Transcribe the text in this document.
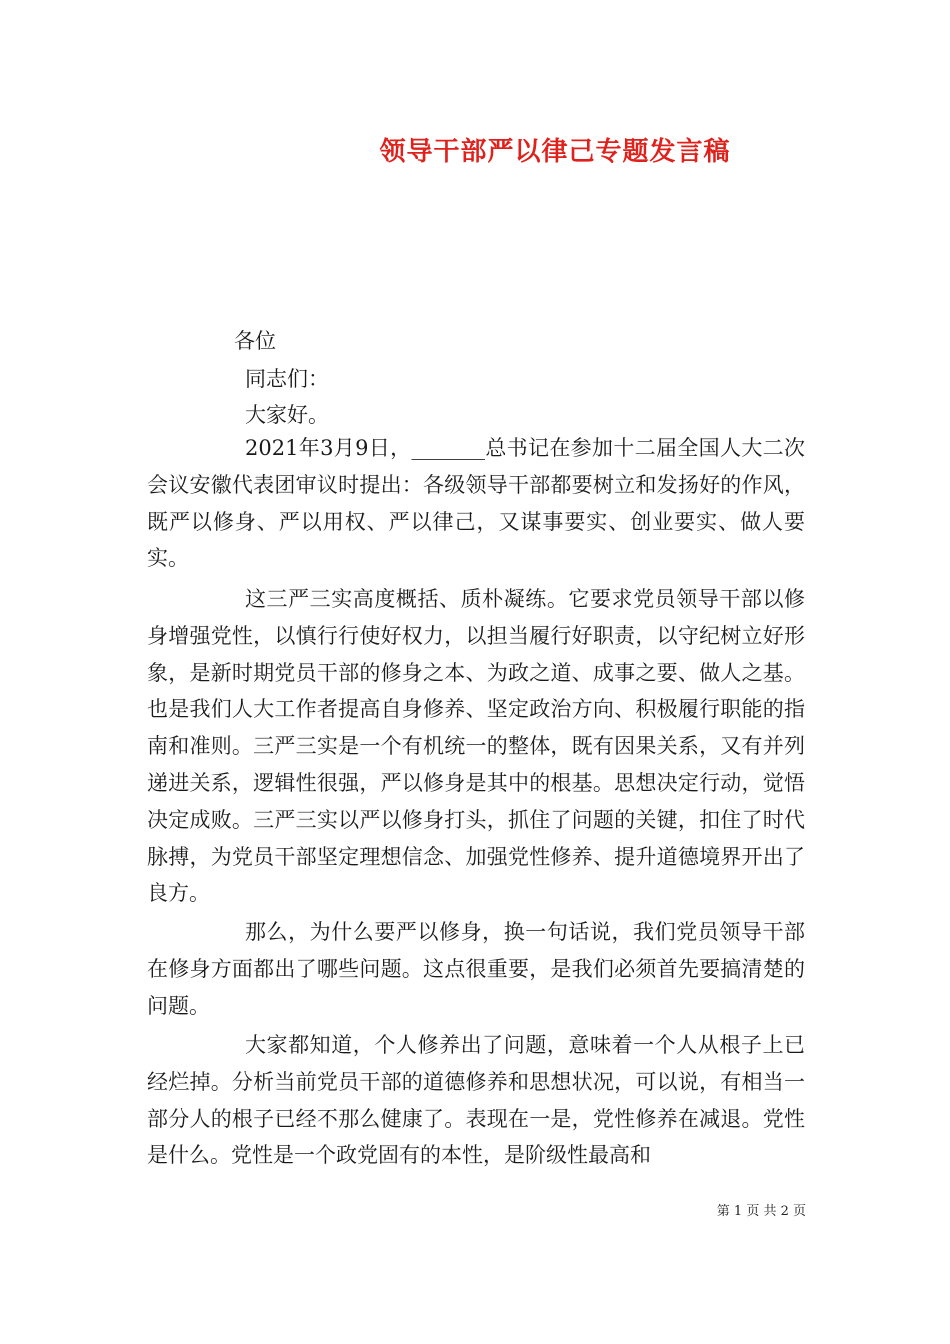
领导干部严以律己专题发言稿
各位
同志们：
大家好。

2021年3月9日，_______总书记在参加十二届全国人大二次会议安徽代表团审议时提出：各级领导干部都要树立和发扬好的作风，既严以修身、严以用权、严以律己，又谋事要实、创业要实、做人要实。

这三严三实高度概括、质朴凝练。它要求党员领导干部以修身增强党性，以慎行行使好权力，以担当履行好职责，以守纪树立好形象，是新时期党员干部的修身之本、为政之道、成事之要、做人之基。也是我们人大工作者提高自身修养、坚定政治方向、积极履行职能的指南和准则。三严三实是一个有机统一的整体，既有因果关系，又有并列递进关系，逻辑性很强，严以修身是其中的根基。思想决定行动，觉悟决定成败。三严三实以严以修身打头，抓住了问题的关键，扣住了时代脉搏，为党员干部坚定理想信念、加强党性修养、提升道德境界开出了良方。

那么，为什么要严以修身，换一句话说，我们党员领导干部在修身方面都出了哪些问题。这点很重要，是我们必须首先要搞清楚的问题。

大家都知道，个人修养出了问题，意味着一个人从根子上已经烂掉。分析当前党员干部的道德修养和思想状况，可以说，有相当一部分人的根子已经不那么健康了。表现在一是，党性修养在减退。党性是什么。党性是一个政党固有的本性，是阶级性最高和

第 1 页 共 2 页
